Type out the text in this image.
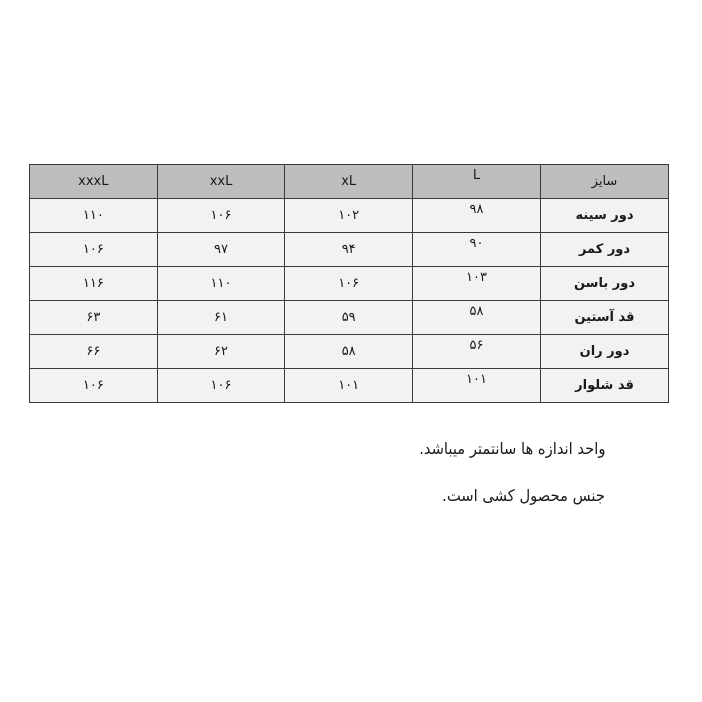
سایز	L	xL	xxL	xxxL
دور سینه	۹۸	۱۰۲	۱۰۶	۱۱۰
دور کمر	۹۰	۹۴	۹۷	۱۰۶
دور باسن	۱۰۳	۱۰۶	۱۱۰	۱۱۶
قد آستین	۵۸	۵۹	۶۱	۶۳
دور ران	۵۶	۵۸	۶۲	۶۶
قد شلوار	۱۰۱	۱۰۱	۱۰۶	۱۰۶
واحد اندازه ها سانتمتر میباشد.
جنس محصول کشی است.
